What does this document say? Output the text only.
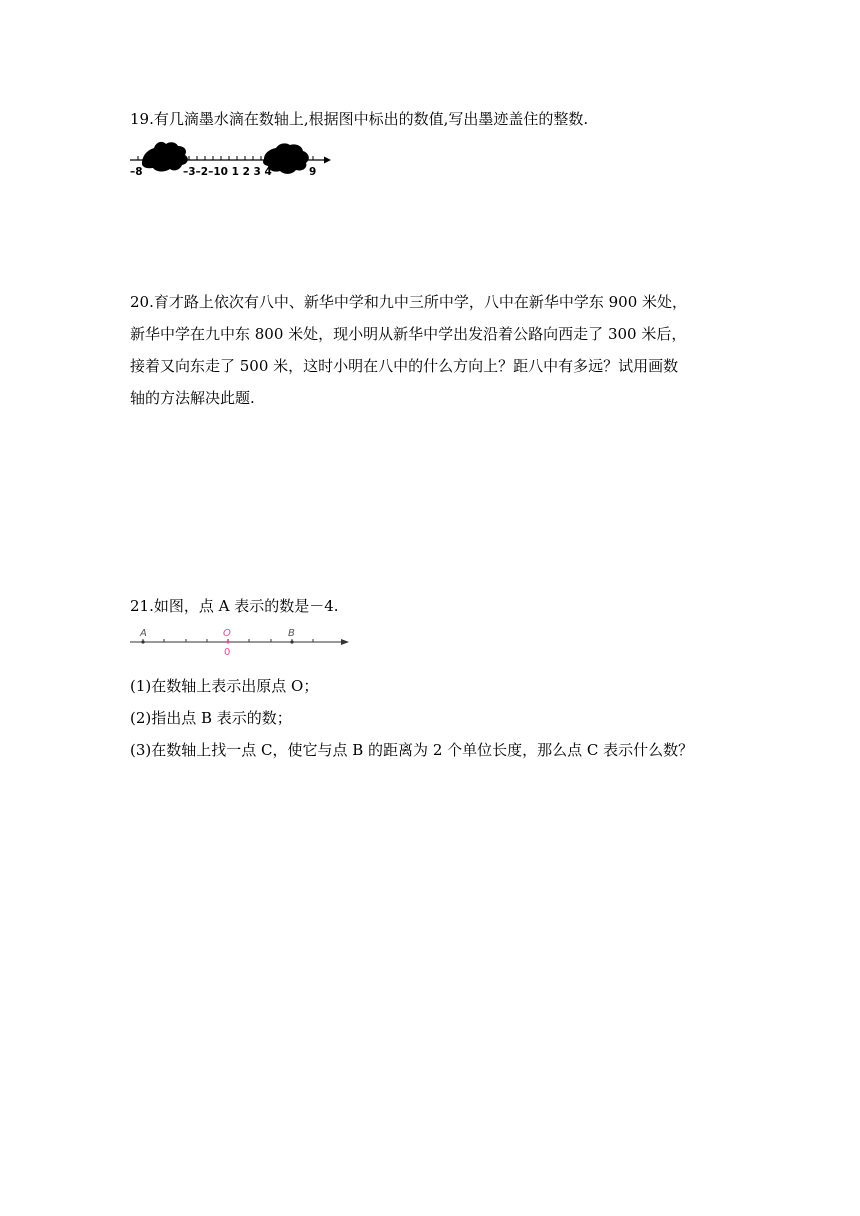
19.有几滴墨水滴在数轴上,根据图中标出的数值,写出墨迹盖住的整数.

–8	–3–2–10 1 2 3 4	9

20.育才路上依次有八中、新华中学和九中三所中学，八中在新华中学东 900 米处，

新华中学在九中东 800 米处，现小明从新华中学出发沿着公路向西走了 300 米后，

接着又向东走了 500 米，这时小明在八中的什么方向上？距八中有多远？试用画数

轴的方法解决此题.

21.如图，点 A 表示的数是－4.

A	O
0
B

(1)在数轴上表示出原点 O；

(2)指出点 B 表示的数；

(3)在数轴上找一点 C，使它与点 B 的距离为 2 个单位长度，那么点 C 表示什么数？
